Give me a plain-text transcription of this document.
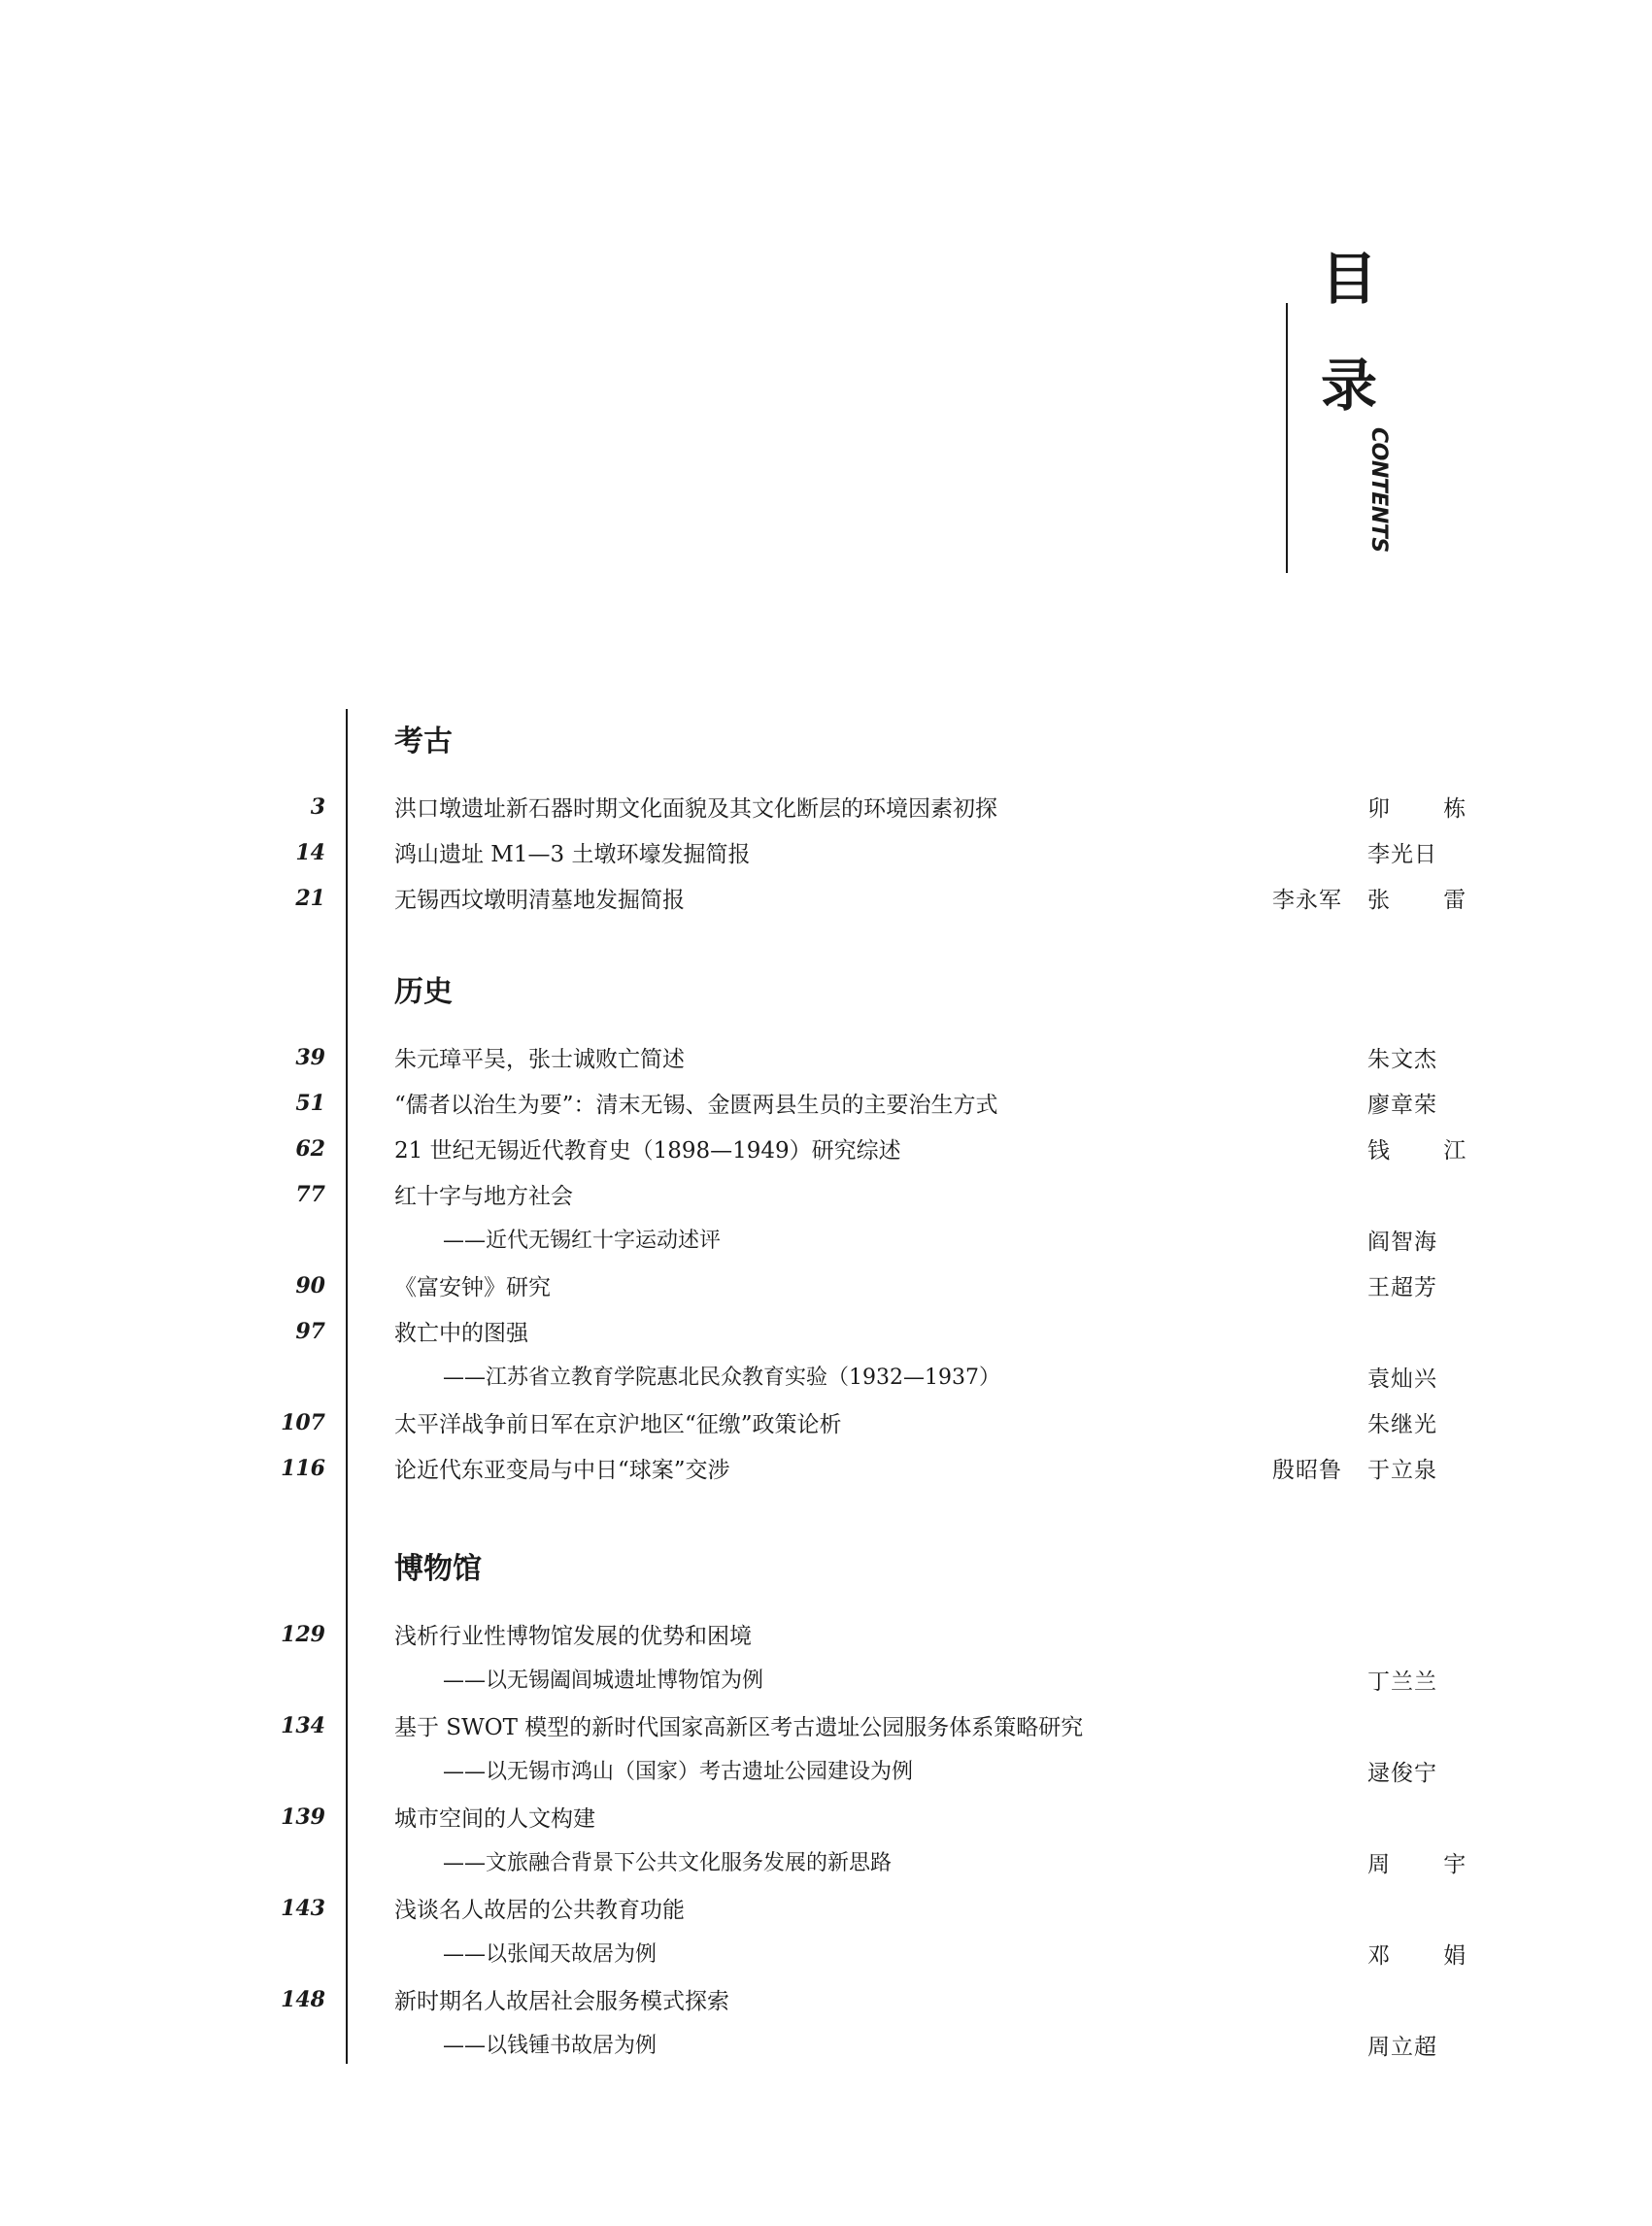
目
录
CONTENTS
考古
3	洪口墩遗址新石器时期文化面貌及其文化断层的环境因素初探	卯 栋
14	鸿山遗址 M1—3 土墩环壕发掘简报	李光日
21	无锡西坟墩明清墓地发掘简报	李永军 张 雷
历史
39	朱元璋平吴，张士诚败亡简述	朱文杰
51	“儒者以治生为要”：清末无锡、金匮两县生员的主要治生方式	廖章荣
62	21 世纪无锡近代教育史（1898—1949）研究综述	钱 江
77	红十字与地方社会
——近代无锡红十字运动述评	阎智海
90	《富安钟》研究	王超芳
97	救亡中的图强
——江苏省立教育学院惠北民众教育实验（1932—1937）	袁灿兴
107	太平洋战争前日军在京沪地区“征缴”政策论析	朱继光
116	论近代东亚变局与中日“球案”交涉	殷昭鲁 于立泉
博物馆
129	浅析行业性博物馆发展的优势和困境
——以无锡阖闾城遗址博物馆为例	丁兰兰
134	基于 SWOT 模型的新时代国家高新区考古遗址公园服务体系策略研究
——以无锡市鸿山（国家）考古遗址公园建设为例	逯俊宁
139	城市空间的人文构建
——文旅融合背景下公共文化服务发展的新思路	周 宇
143	浅谈名人故居的公共教育功能
——以张闻天故居为例	邓 娟
148	新时期名人故居社会服务模式探索
——以钱锺书故居为例	周立超
